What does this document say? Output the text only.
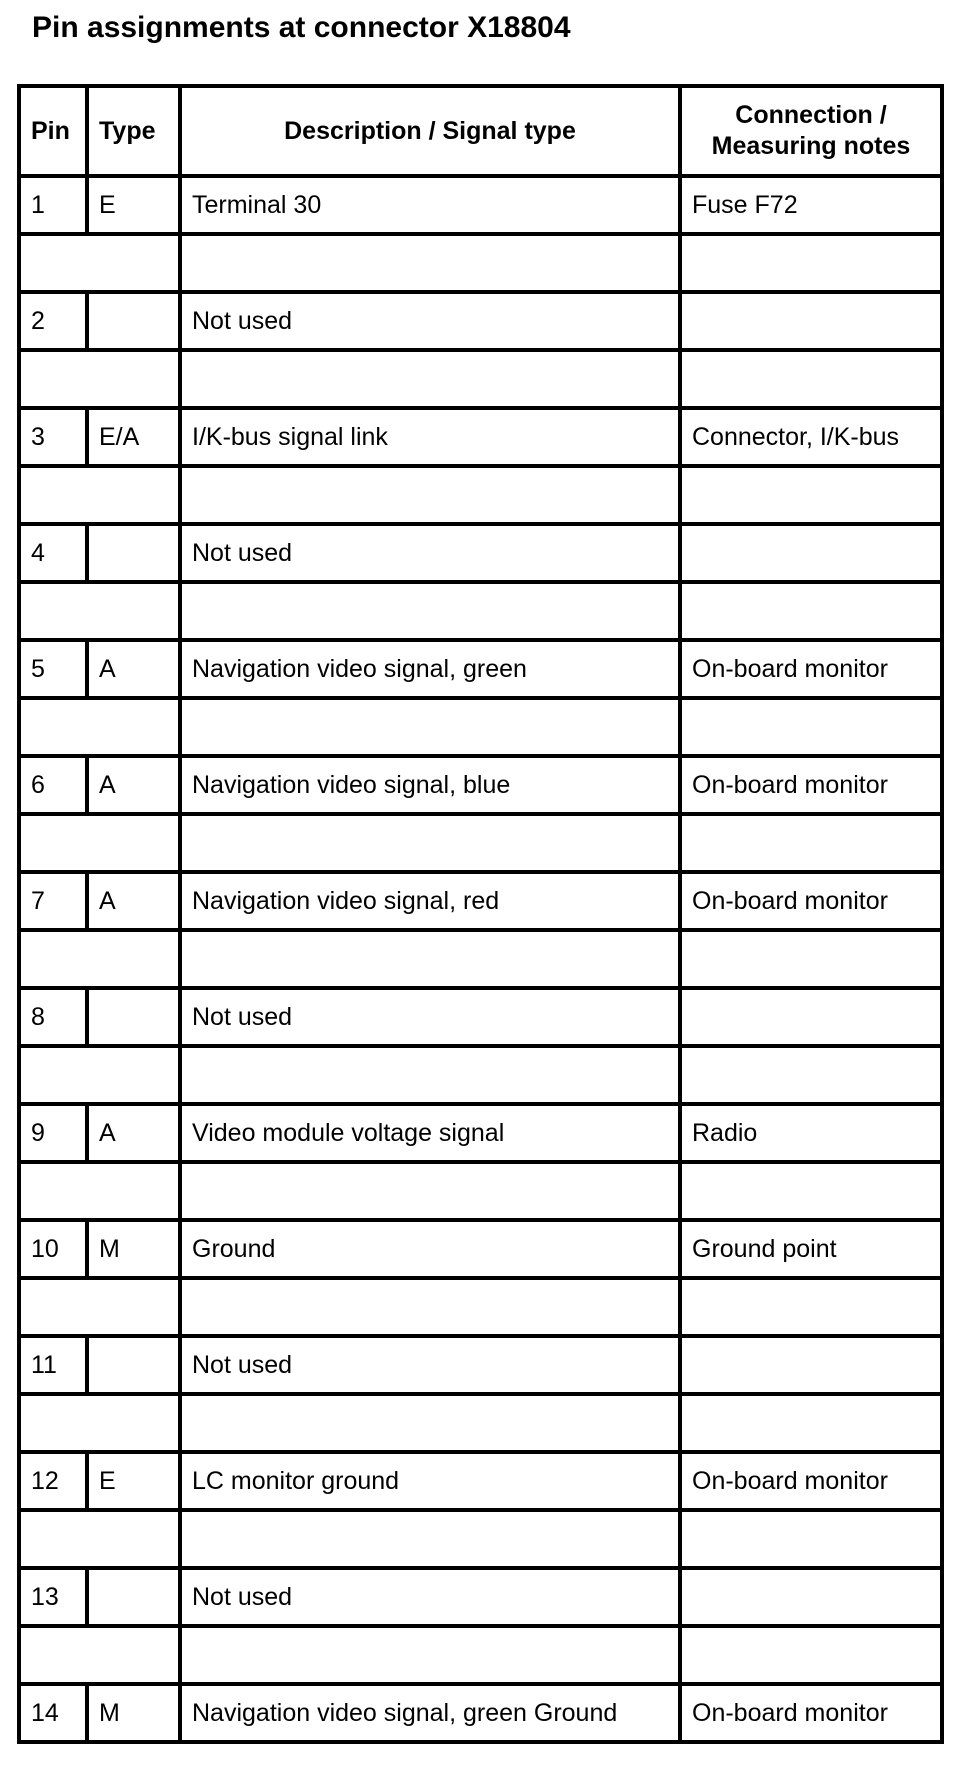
Pin assignments at connector X18804
Pin	Type	Description / Signal type	Connection / Measuring notes
1	E	Terminal 30	Fuse F72

2		Not used	

3	E/A	I/K-bus signal link	Connector, I/K-bus

4		Not used	

5	A	Navigation video signal, green	On-board monitor

6	A	Navigation video signal, blue	On-board monitor

7	A	Navigation video signal, red	On-board monitor

8		Not used	

9	A	Video module voltage signal	Radio

10	M	Ground	Ground point

11		Not used	

12	E	LC monitor ground	On-board monitor

13		Not used	

14	M	Navigation video signal, green Ground	On-board monitor
